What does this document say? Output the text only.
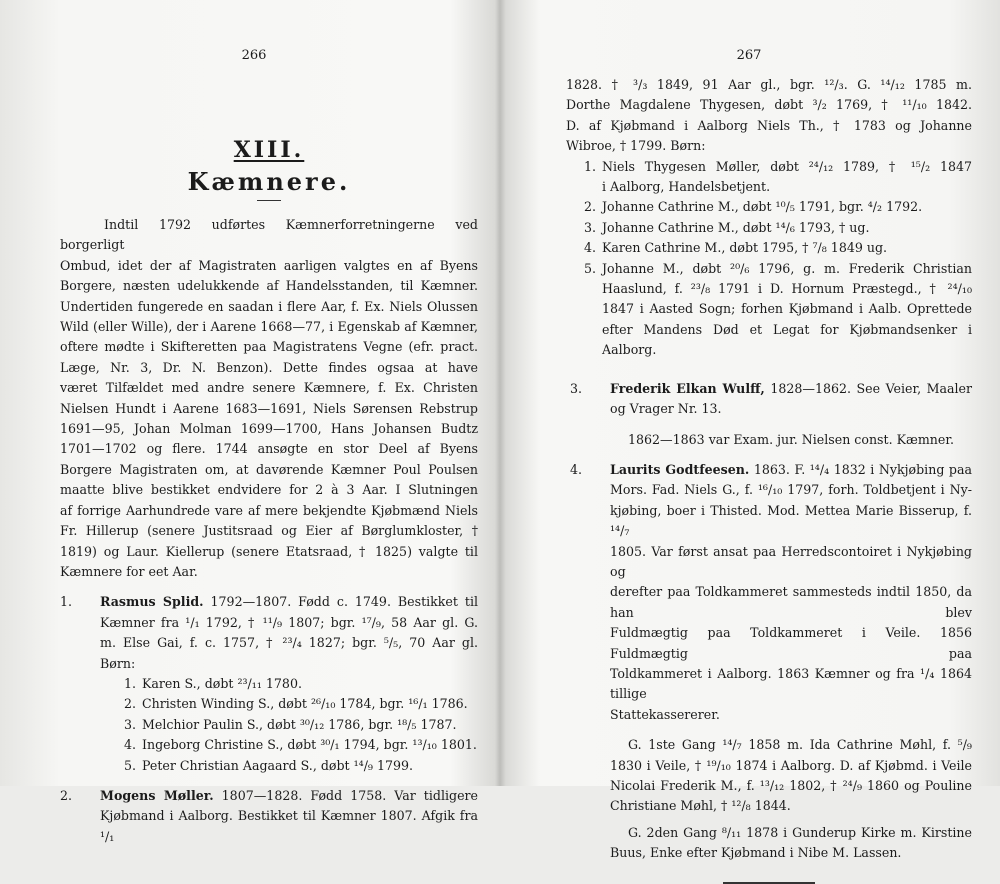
266
XIII.
Kæmnere.
Indtil 1792 udførtes Kæmnerforretningerne ved borgerligt
Ombud, idet der af Magistraten aarligen valgtes en af Byens
Borgere, næsten udelukkende af Handelsstanden, til Kæmner.
Undertiden fungerede en saadan i flere Aar, f. Ex. Niels Olussen
Wild (eller Wille), der i Aarene 1668—77, i Egenskab af Kæmner,
oftere mødte i Skifteretten paa Magistratens Vegne (efr. pract.
Læge, Nr. 3, Dr. N. Benzon). Dette findes ogsaa at have
været Tilfældet med andre senere Kæmnere, f. Ex. Christen
Nielsen Hundt i Aarene 1683—1691, Niels Sørensen Rebstrup
1691—95, Johan Molman 1699—1700, Hans Johansen Budtz
1701—1702 og flere. 1744 ansøgte en stor Deel af Byens
Borgere Magistraten om, at davørende Kæmner Poul Poulsen
maatte blive bestikket endvidere for 2 à 3 Aar. I Slutningen
af forrige Aarhundrede vare af mere bekjendte Kjøbmænd Niels
Fr. Hillerup (senere Justitsraad og Eier af Børglumkloster, †
1819) og Laur. Kiellerup (senere Etatsraad, † 1825) valgte til
Kæmnere for eet Aar.
1.	Rasmus Splid. 1792—1807. Fødd c. 1749. Bestikket til
Kæmner fra ¹/₁ 1792, † ¹¹/₉ 1807; bgr. ¹⁷/₉, 58 Aar gl. G.
m. Else Gai, f. c. 1757, † ²³/₄ 1827; bgr. ⁵/₅, 70 Aar gl.
Børn:
1. Karen S., døbt ²³/₁₁ 1780.
2. Christen Winding S., døbt ²⁶/₁₀ 1784, bgr. ¹⁶/₁ 1786.
3. Melchior Paulin S., døbt ³⁰/₁₂ 1786, bgr. ¹⁸/₅ 1787.
4. Ingeborg Christine S., døbt ³⁰/₁ 1794, bgr. ¹³/₁₀ 1801.
5. Peter Christian Aagaard S., døbt ¹⁴/₉ 1799.
2.	Mogens Møller. 1807—1828. Fødd 1758. Var tidligere
Kjøbmand i Aalborg. Bestikket til Kæmner 1807. Afgik fra ¹/₁
267
1828. † ³/₃ 1849, 91 Aar gl., bgr. ¹²/₃. G. ¹⁴/₁₂ 1785 m.
Dorthe Magdalene Thygesen, døbt ³/₂ 1769, † ¹¹/₁₀ 1842.
D. af Kjøbmand i Aalborg Niels Th., † 1783 og Johanne
Wibroe, † 1799. Børn:
1. Niels Thygesen Møller, døbt ²⁴/₁₂ 1789, † ¹⁵/₂ 1847
i Aalborg, Handelsbetjent.
2. Johanne Cathrine M., døbt ¹⁰/₅ 1791, bgr. ⁴/₂ 1792.
3. Johanne Cathrine M., døbt ¹⁴/₆ 1793, † ug.
4. Karen Cathrine M., døbt 1795, † ⁷/₈ 1849 ug.
5. Johanne M., døbt ²⁰/₆ 1796, g. m. Frederik Christian
Haaslund, f. ²³/₈ 1791 i D. Hornum Præstegd., † ²⁴/₁₀
1847 i Aasted Sogn; forhen Kjøbmand i Aalb. Oprettede
efter Mandens Død et Legat for Kjøbmandsenker i Aalborg.
3.	Frederik Elkan Wulff, 1828—1862. See Veier, Maaler
og Vrager Nr. 13.
1862—1863 var Exam. jur. Nielsen const. Kæmner.
4.	Laurits Godtfeesen. 1863. F. ¹⁴/₄ 1832 i Nykjøbing paa
Mors. Fad. Niels G., f. ¹⁶/₁₀ 1797, forh. Toldbetjent i Ny-
kjøbing, boer i Thisted. Mod. Mettea Marie Bisserup, f. ¹⁴/₇
1805. Var først ansat paa Herredscontoiret i Nykjøbing og
derefter paa Toldkammeret sammesteds indtil 1850, da han blev
Fuldmægtig paa Toldkammeret i Veile. 1856 Fuldmægtig paa
Toldkammeret i Aalborg. 1863 Kæmner og fra ¹/₄ 1864 tillige
Stattekassererer.
G. 1ste Gang ¹⁴/₇ 1858 m. Ida Cathrine Møhl, f. ⁵/₉
1830 i Veile, † ¹⁹/₁₀ 1874 i Aalborg. D. af Kjøbmd. i Veile
Nicolai Frederik M., f. ¹³/₁₂ 1802, † ²⁴/₉ 1860 og Pouline
Christiane Møhl, † ¹²/₈ 1844.
G. 2den Gang ⁸/₁₁ 1878 i Gunderup Kirke m. Kirstine
Buus, Enke efter Kjøbmand i Nibe M. Lassen.
